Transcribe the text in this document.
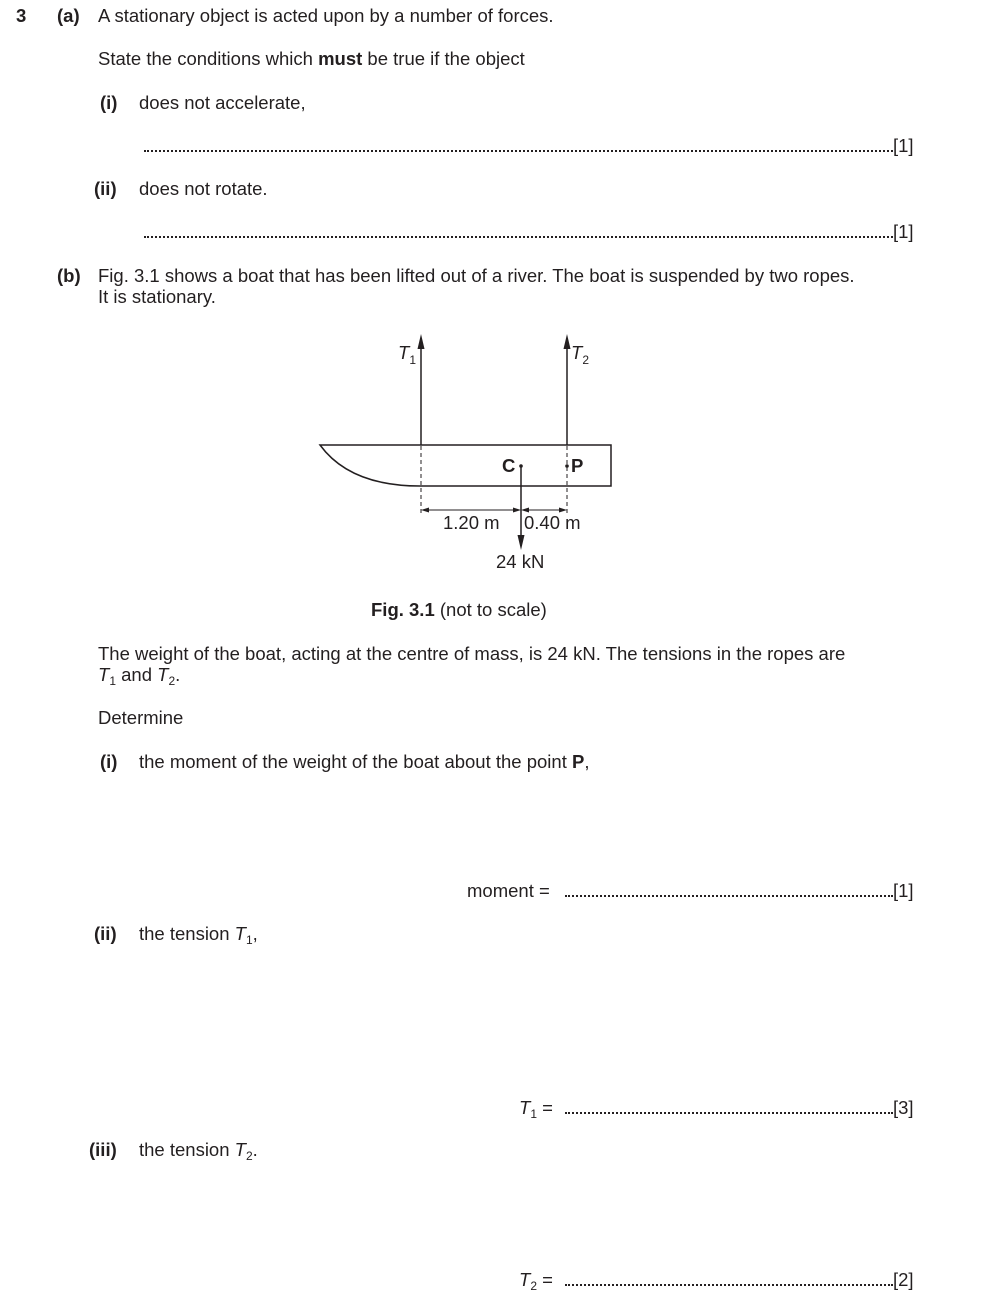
3 (a) A stationary object is acted upon by a number of forces.
State the conditions which must be true if the object
(i) does not accelerate,
[1]
(ii) does not rotate.
[1]
(b) Fig. 3.1 shows a boat that has been lifted out of a river. The boat is suspended by two ropes.
It is stationary.
$T_1$	$T_2$
C	P
1.20 m 0.40 m
24 kN
Fig. 3.1 (not to scale)
The weight of the boat, acting at the centre of mass, is 24 kN. The tensions in the ropes are
$T_1$ and $T_2$.
Determine
(i) the moment of the weight of the boat about the point P,
moment =	[1]
(ii) the tension $T_1$,
$T_1$ =	[3]
(iii) the tension $T_2$.
$T_2$ =	[2]
